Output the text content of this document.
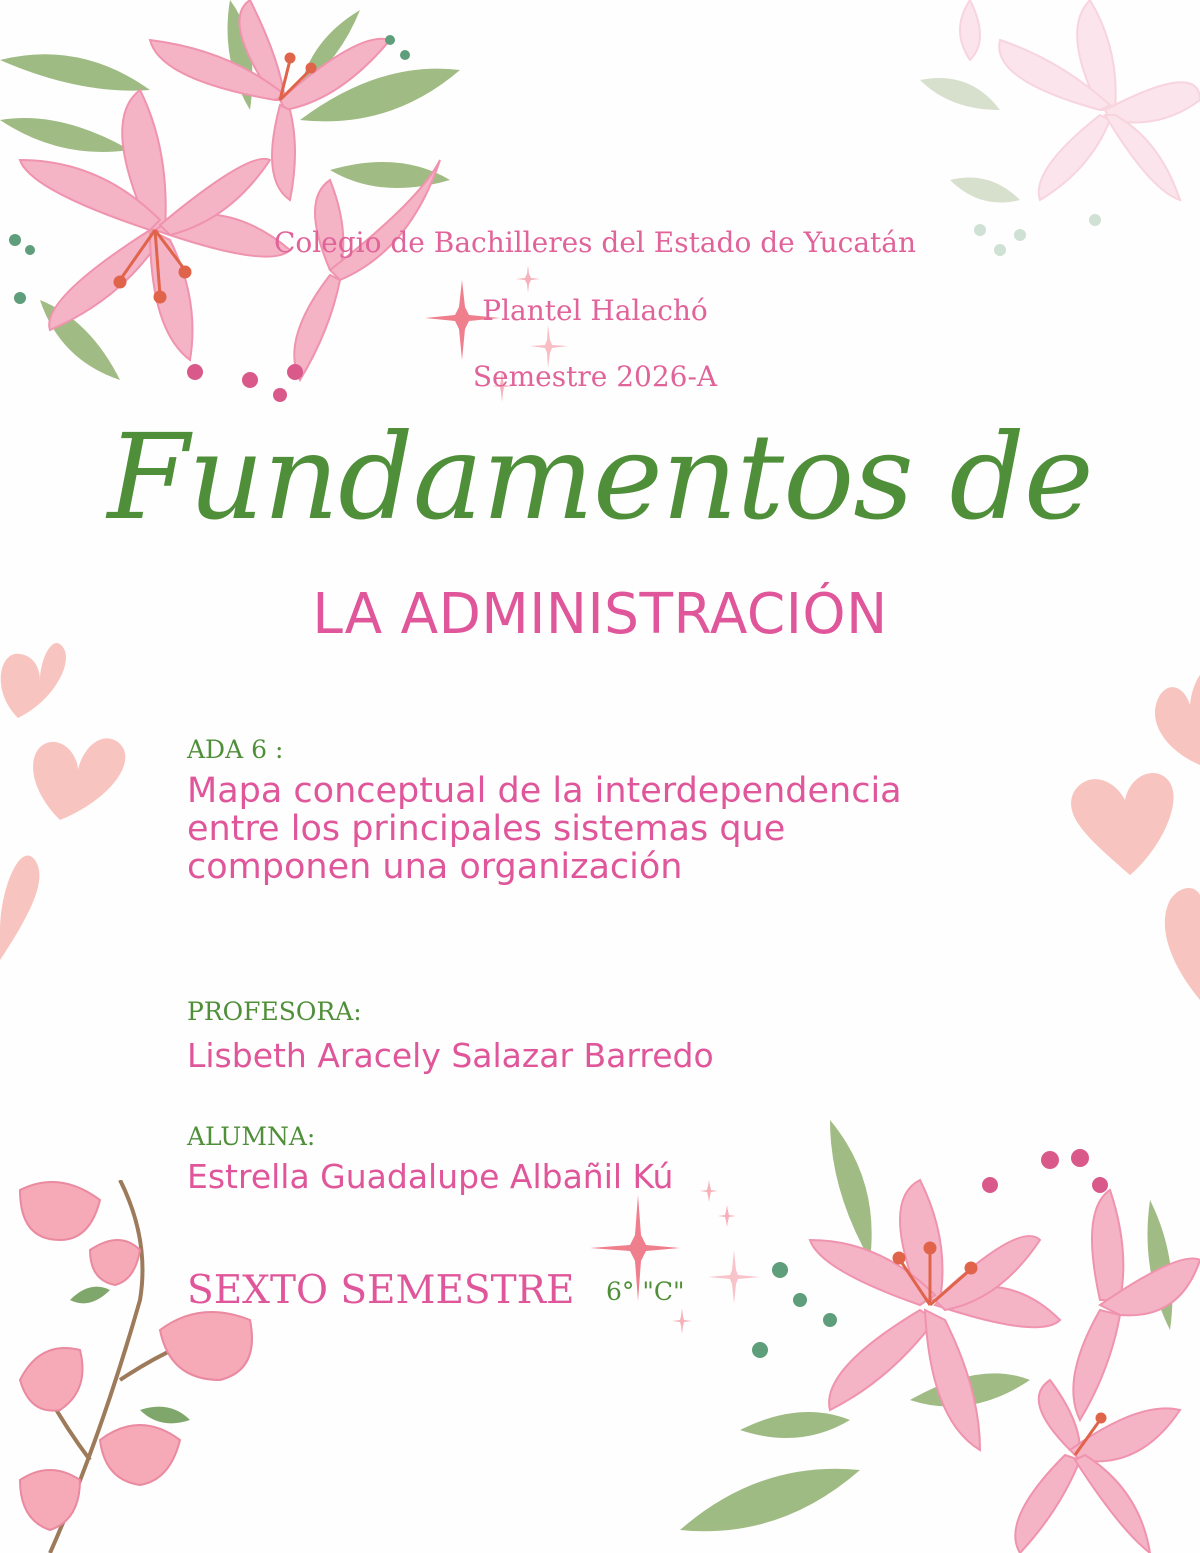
Colegio de Bachilleres del Estado de Yucatán
Plantel Halachó
Semestre 2026-A
Fundamentos de
LA ADMINISTRACIÓN
ADA 6 :
Mapa conceptual de la interdependencia entre los principales sistemas que componen una organización
PROFESORA:
Lisbeth Aracely Salazar Barredo
ALUMNA:
Estrella Guadalupe Albañil Kú
SEXTO SEMESTRE 6° "C"
